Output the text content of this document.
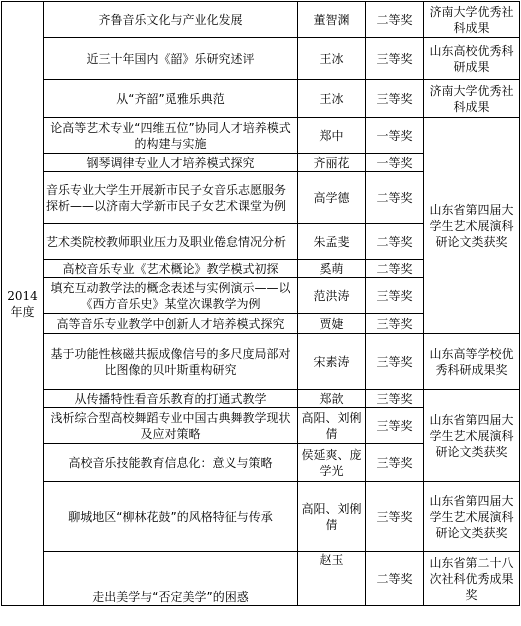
2014年度	齐鲁音乐文化与产业化发展	董智渊	二等奖	济南大学优秀社科成果
	近三十年国内《韶》乐研究述评	王冰	三等奖	山东高校优秀科研成果
	从“齐韶”觅雅乐典范	王冰	三等奖	济南大学优秀社科成果
	论高等艺术专业“四维五位”协同人才培养模式的构建与实施	郑中	一等奖	山东省第四届大学生艺术展演科研论文类获奖
	钢琴调律专业人才培养模式探究	齐丽花	一等奖	
	音乐专业大学生开展新市民子女音乐志愿服务探析——以济南大学新市民子女艺术课堂为例	高学德	二等奖	
	艺术类院校教师职业压力及职业倦怠情况分析	朱孟斐	二等奖	
	高校音乐专业《艺术概论》教学模式初探	奚萌	二等奖	
	填充互动教学法的概念表述与实例演示——以《西方音乐史》某堂次课教学为例	范洪涛	三等奖	
	高等音乐专业教学中创新人才培养模式探究	贾婕	三等奖	
	基于功能性核磁共振成像信号的多尺度局部对比图像的贝叶斯重构研究	宋素涛	三等奖	山东高等学校优秀科研成果奖
	从传播特性看音乐教育的打通式教学	郑歆	三等奖	山东省第四届大学生艺术展演科研论文类获奖
	浅析综合型高校舞蹈专业中国古典舞教学现状及应对策略	高阳、刘俐倩	三等奖	
	高校音乐技能教育信息化：意义与策略	侯延爽、庞学光	三等奖	
	聊城地区“柳林花鼓”的风格特征与传承	高阳、刘俐倩	三等奖	山东省第四届大学生艺术展演科研论文类获奖
	走出美学与“否定美学”的困惑	赵玉	二等奖	山东省第二十八次社科优秀成果奖
